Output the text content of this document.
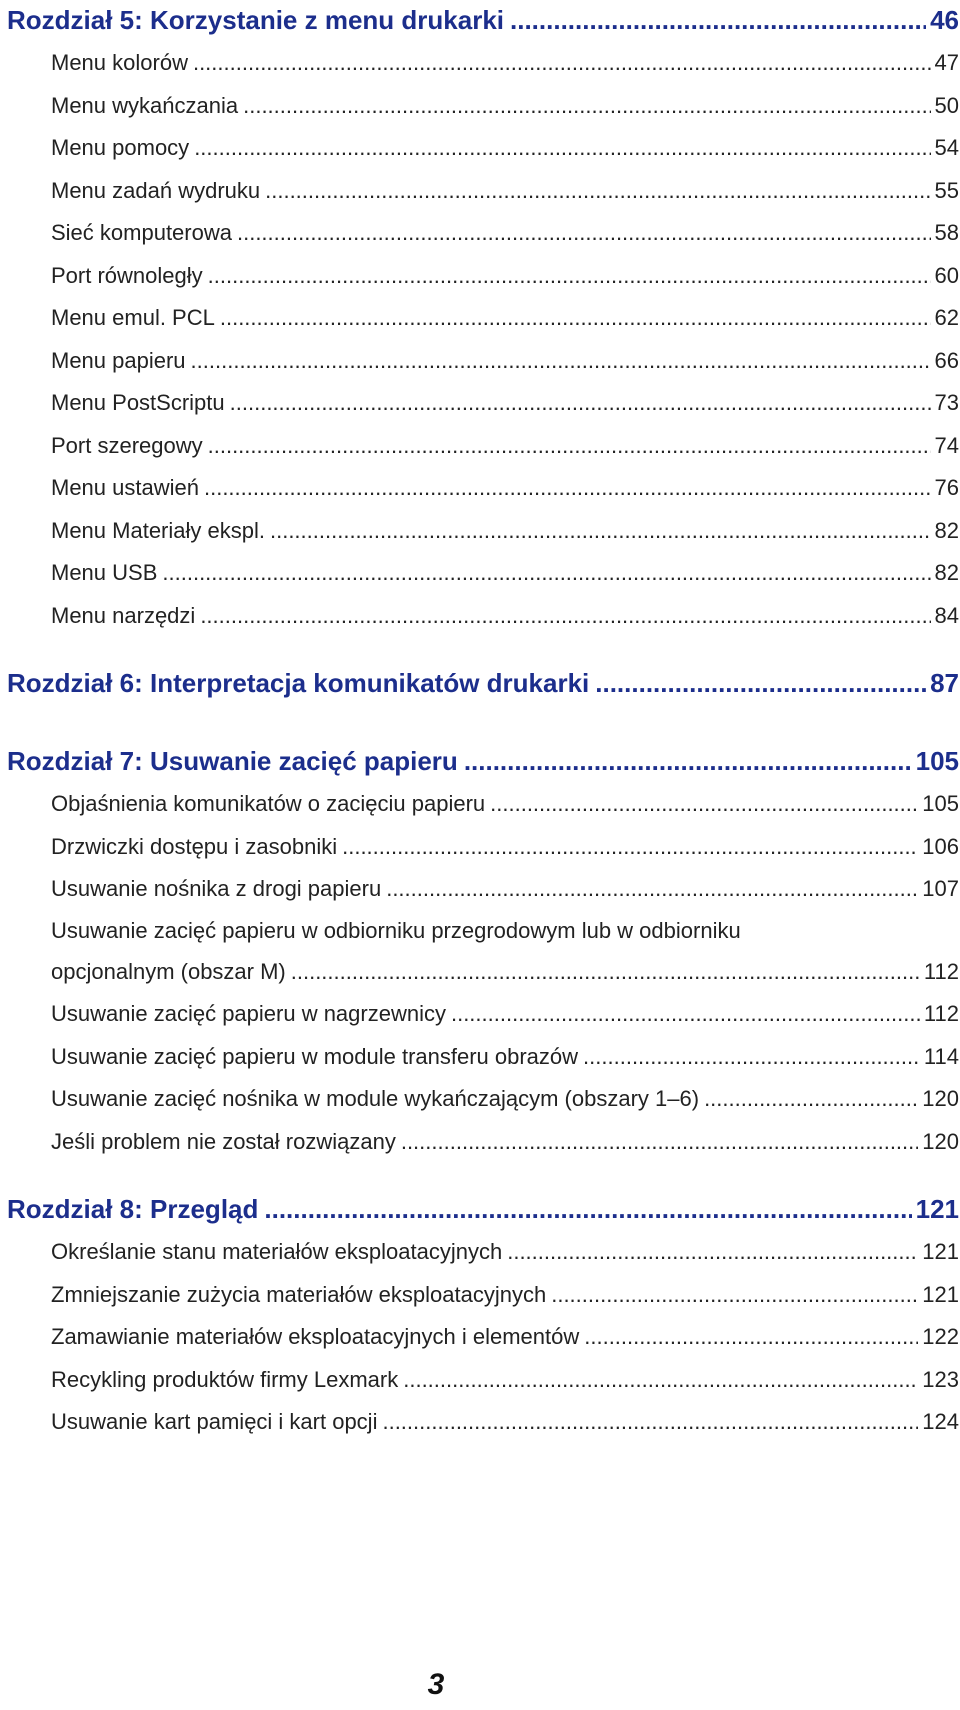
Rozdział 5: Korzystanie z menu drukarki .....	46
Menu kolorów .....	47
Menu wykańczania .....	50
Menu pomocy .....	54
Menu zadań wydruku .....	55
Sieć komputerowa .....	58
Port równoległy .....	60
Menu emul. PCL .....	62
Menu papieru .....	66
Menu PostScriptu .....	73
Port szeregowy .....	74
Menu ustawień .....	76
Menu Materiały ekspl. .....	82
Menu USB .....	82
Menu narzędzi .....	84
Rozdział 6: Interpretacja komunikatów drukarki .....	87
Rozdział 7: Usuwanie zacięć papieru .....	105
Objaśnienia komunikatów o zacięciu papieru .....	105
Drzwiczki dostępu i zasobniki .....	106
Usuwanie nośnika z drogi papieru .....	107
Usuwanie zacięć papieru w odbiorniku przegrodowym lub w odbiorniku
opcjonalnym (obszar M) .....	112
Usuwanie zacięć papieru w nagrzewnicy .....	112
Usuwanie zacięć papieru w module transferu obrazów .....	114
Usuwanie zacięć nośnika w module wykańczającym (obszary 1–6) .....	120
Jeśli problem nie został rozwiązany .....	120
Rozdział 8: Przegląd .....	121
Określanie stanu materiałów eksploatacyjnych .....	121
Zmniejszanie zużycia materiałów eksploatacyjnych .....	121
Zamawianie materiałów eksploatacyjnych i elementów .....	122
Recykling produktów firmy Lexmark .....	123
Usuwanie kart pamięci i kart opcji .....	124
3
